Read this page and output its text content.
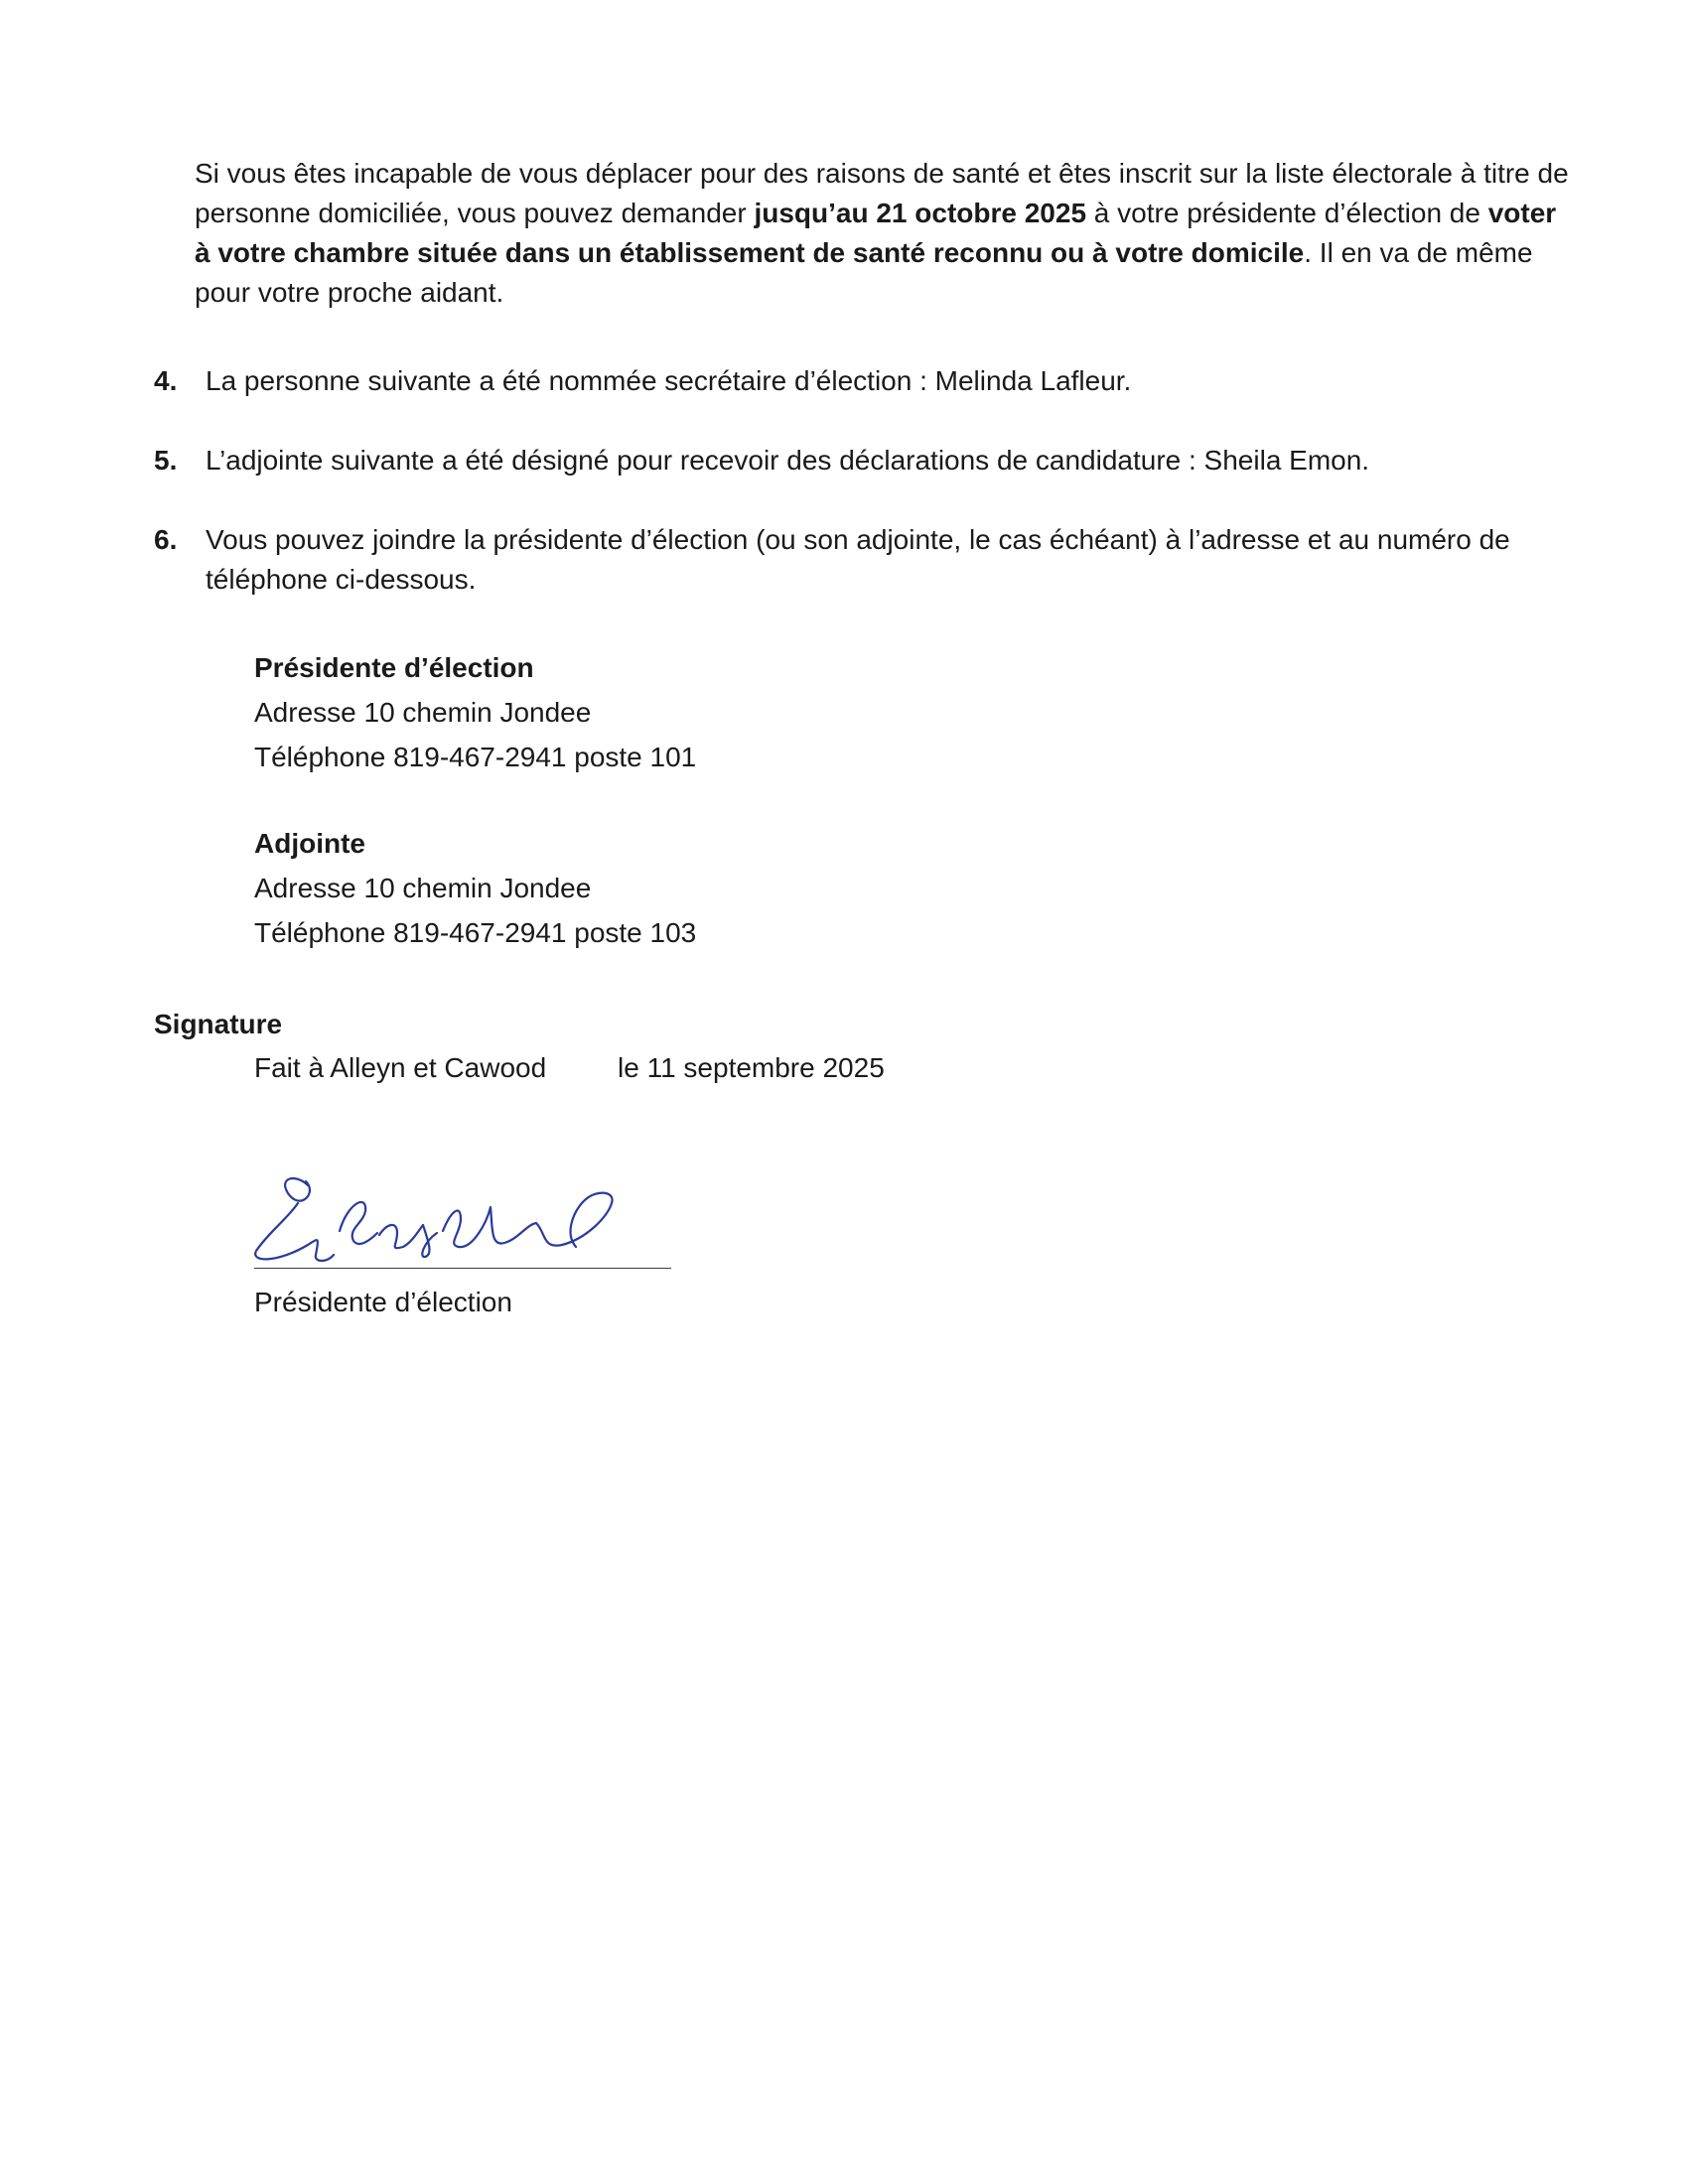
Si vous êtes incapable de vous déplacer pour des raisons de santé et êtes inscrit sur la liste électorale à titre de personne domiciliée, vous pouvez demander jusqu’au 21 octobre 2025 à votre présidente d’élection de voter à votre chambre située dans un établissement de santé reconnu ou à votre domicile. Il en va de même pour votre proche aidant.

4. La personne suivante a été nommée secrétaire d’élection : Melinda Lafleur.
5. L’adjointe suivante a été désigné pour recevoir des déclarations de candidature : Sheila Emon.
6. Vous pouvez joindre la présidente d’élection (ou son adjointe, le cas échéant) à l’adresse et au numéro de téléphone ci-dessous.
Présidente d’élection
Adresse 10 chemin Jondee
Téléphone 819-467-2941 poste 101
Adjointe
Adresse 10 chemin Jondee
Téléphone 819-467-2941 poste 103
Signature
Fait à Alleyn et Cawood	le 11 septembre 2025
Présidente d’élection
